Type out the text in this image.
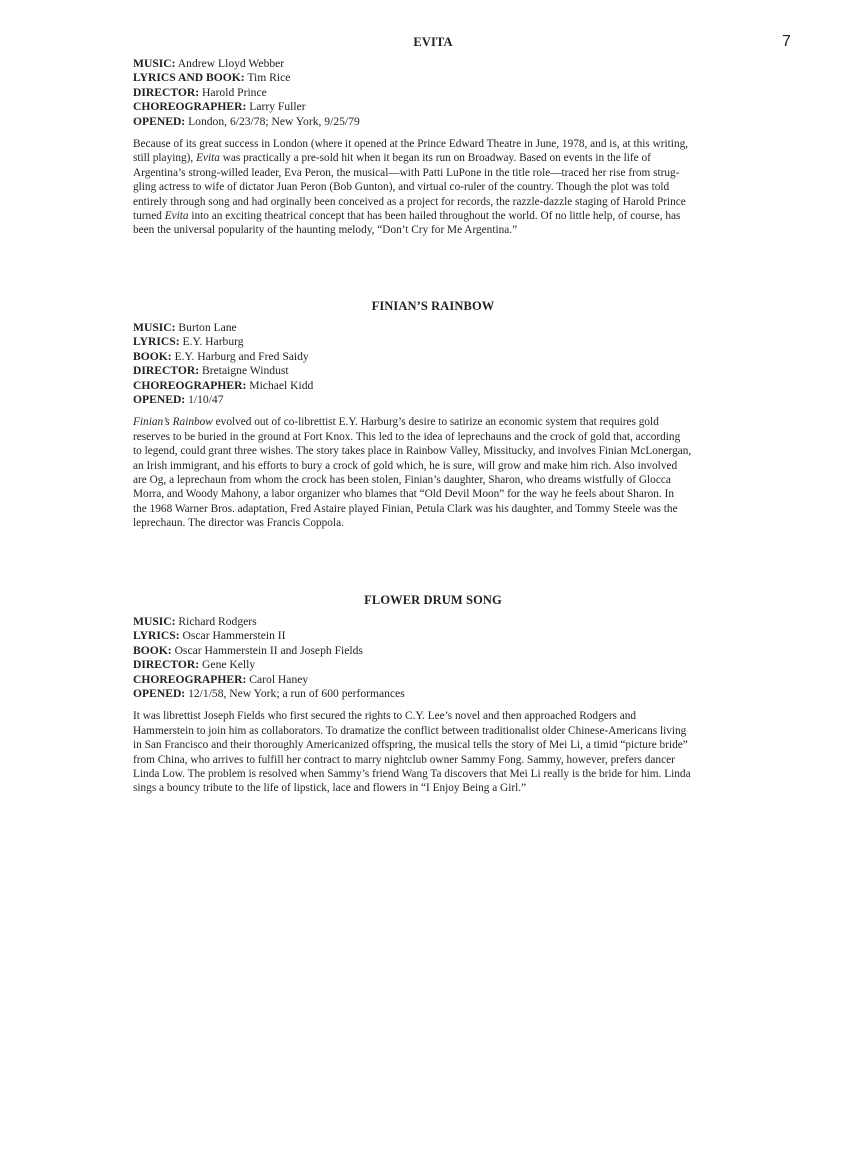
7
EVITA
MUSIC: Andrew Lloyd Webber
LYRICS AND BOOK: Tim Rice
DIRECTOR: Harold Prince
CHOREOGRAPHER: Larry Fuller
OPENED: London, 6/23/78; New York, 9/25/79

Because of its great success in London (where it opened at the Prince Edward Theatre in June, 1978, and is, at this writing,
still playing), Evita was practically a pre-sold hit when it began its run on Broadway. Based on events in the life of
Argentina’s strong-willed leader, Eva Peron, the musical—with Patti LuPone in the title role—traced her rise from strug-
gling actress to wife of dictator Juan Peron (Bob Gunton), and virtual co-ruler of the country. Though the plot was told
entirely through song and had orginally been conceived as a project for records, the razzle-dazzle staging of Harold Prince
turned Evita into an exciting theatrical concept that has been hailed throughout the world. Of no little help, of course, has
been the universal popularity of the haunting melody, “Don’t Cry for Me Argentina.”

FINIAN’S RAINBOW
MUSIC: Burton Lane
LYRICS: E.Y. Harburg
BOOK: E.Y. Harburg and Fred Saidy
DIRECTOR: Bretaigne Windust
CHOREOGRAPHER: Michael Kidd
OPENED: 1/10/47

Finian’s Rainbow evolved out of co-librettist E.Y. Harburg’s desire to satirize an economic system that requires gold
reserves to be buried in the ground at Fort Knox. This led to the idea of leprechauns and the crock of gold that, according
to legend, could grant three wishes. The story takes place in Rainbow Valley, Missitucky, and involves Finian McLonergan,
an Irish immigrant, and his efforts to bury a crock of gold which, he is sure, will grow and make him rich. Also involved
are Og, a leprechaun from whom the crock has been stolen, Finian’s daughter, Sharon, who dreams wistfully of Glocca
Morra, and Woody Mahony, a labor organizer who blames that “Old Devil Moon” for the way he feels about Sharon. In
the 1968 Warner Bros. adaptation, Fred Astaire played Finian, Petula Clark was his daughter, and Tommy Steele was the
leprechaun. The director was Francis Coppola.

FLOWER DRUM SONG
MUSIC: Richard Rodgers
LYRICS: Oscar Hammerstein II
BOOK: Oscar Hammerstein II and Joseph Fields
DIRECTOR: Gene Kelly
CHOREOGRAPHER: Carol Haney
OPENED: 12/1/58, New York; a run of 600 performances

It was librettist Joseph Fields who first secured the rights to C.Y. Lee’s novel and then approached Rodgers and
Hammerstein to join him as collaborators. To dramatize the conflict between traditionalist older Chinese-Americans living
in San Francisco and their thoroughly Americanized offspring, the musical tells the story of Mei Li, a timid “picture bride”
from China, who arrives to fulfill her contract to marry nightclub owner Sammy Fong. Sammy, however, prefers dancer
Linda Low. The problem is resolved when Sammy’s friend Wang Ta discovers that Mei Li really is the bride for him. Linda
sings a bouncy tribute to the life of lipstick, lace and flowers in “I Enjoy Being a Girl.”
